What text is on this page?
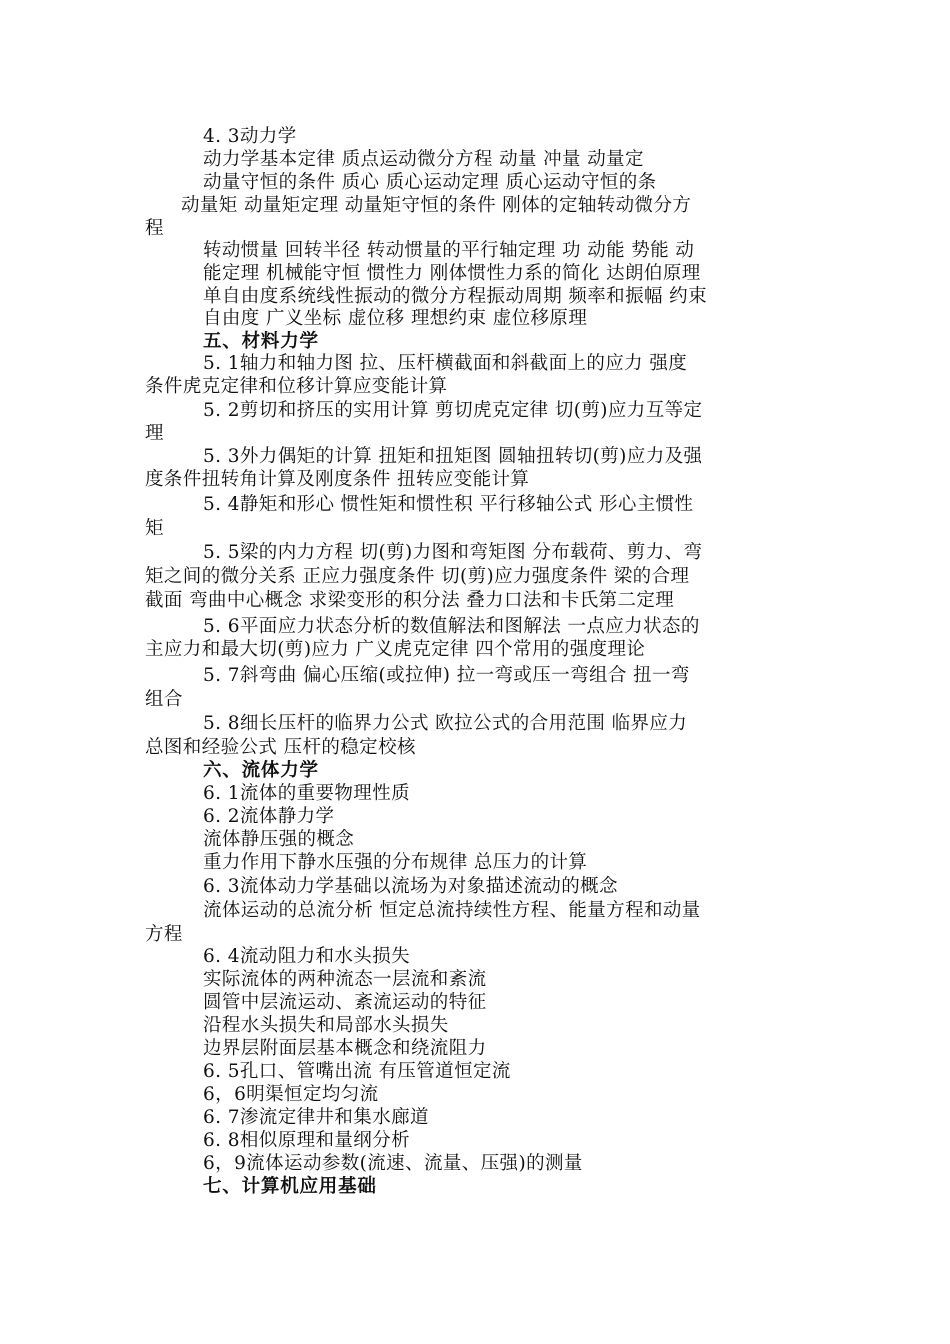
4. 3动力学
动力学基本定律 质点运动微分方程 动量 冲量 动量定
动量守恒的条件 质心 质心运动定理 质心运动守恒的条
动量矩 动量矩定理 动量矩守恒的条件 刚体的定轴转动微分方
程
转动惯量 回转半径 转动惯量的平行轴定理 功 动能 势能 动
能定理 机械能守恒 惯性力 刚体惯性力系的简化 达朗伯原理
单自由度系统线性振动的微分方程振动周期 频率和振幅 约束
自由度 广义坐标 虚位移 理想约束 虚位移原理
五、材料力学
5. 1轴力和轴力图 拉、压杆横截面和斜截面上的应力 强度
条件虎克定律和位移计算应变能计算
5. 2剪切和挤压的实用计算 剪切虎克定律 切(剪)应力互等定
理
5. 3外力偶矩的计算 扭矩和扭矩图 圆轴扭转切(剪)应力及强
度条件扭转角计算及刚度条件 扭转应变能计算
5. 4静矩和形心 惯性矩和惯性积 平行移轴公式 形心主惯性
矩
5. 5梁的内力方程 切(剪)力图和弯矩图 分布载荷、剪力、弯
矩之间的微分关系 正应力强度条件 切(剪)应力强度条件 梁的合理
截面 弯曲中心概念 求梁变形的积分法 叠力口法和卡氏第二定理
5. 6平面应力状态分析的数值解法和图解法 一点应力状态的
主应力和最大切(剪)应力 广义虎克定律 四个常用的强度理论
5. 7斜弯曲 偏心压缩(或拉伸) 拉一弯或压一弯组合 扭一弯
组合
5. 8细长压杆的临界力公式 欧拉公式的合用范围 临界应力
总图和经验公式 压杆的稳定校核
六、流体力学
6. 1流体的重要物理性质
6. 2流体静力学
流体静压强的概念
重力作用下静水压强的分布规律 总压力的计算
6. 3流体动力学基础以流场为对象描述流动的概念
流体运动的总流分析 恒定总流持续性方程、能量方程和动量
方程
6. 4流动阻力和水头损失
实际流体的两种流态一层流和紊流
圆管中层流运动、紊流运动的特征
沿程水头损失和局部水头损失
边界层附面层基本概念和绕流阻力
6. 5孔口、管嘴出流 有压管道恒定流
6，6明渠恒定均匀流
6. 7渗流定律井和集水廊道
6. 8相似原理和量纲分析
6，9流体运动参数(流速、流量、压强)的测量
七、计算机应用基础
